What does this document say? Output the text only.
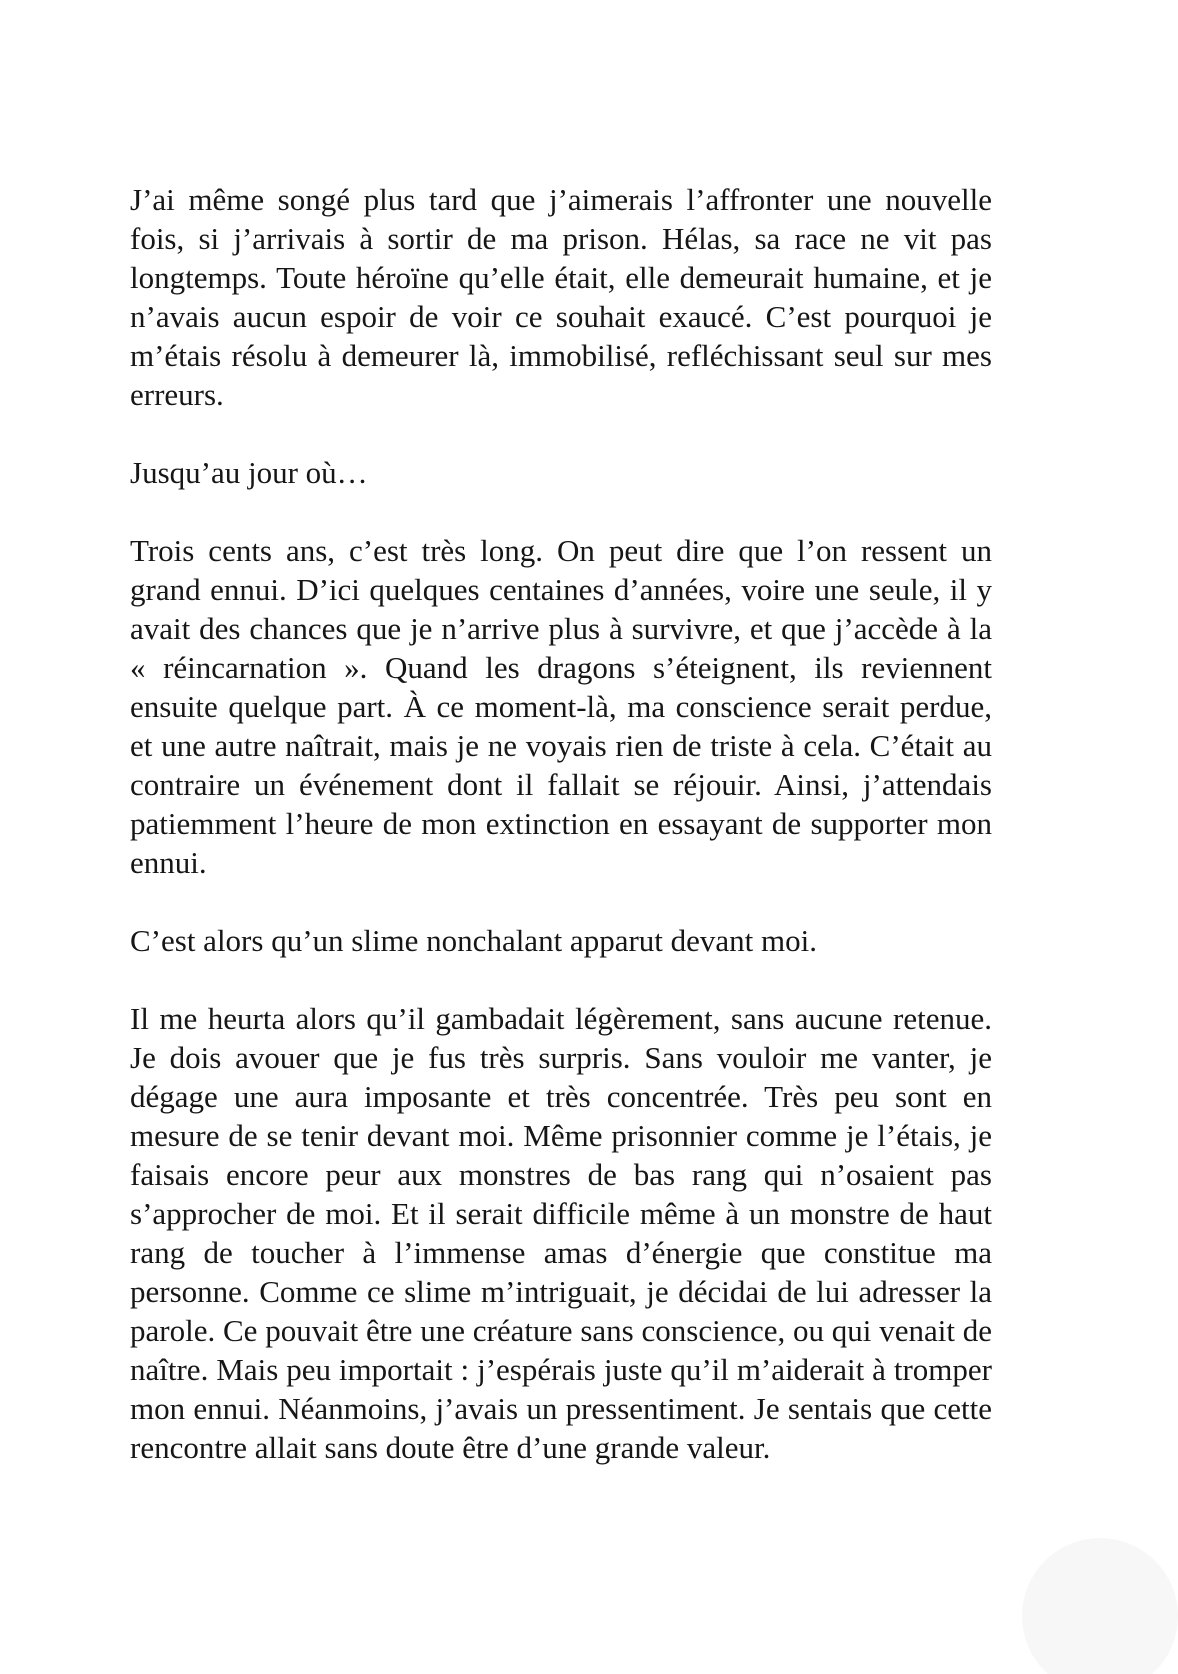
J’ai même songé plus tard que j’aimerais l’affronter une nouvelle fois, si j’arrivais à sortir de ma prison. Hélas, sa race ne vit pas longtemps. Toute héroïne qu’elle était, elle demeurait humaine, et je n’avais aucun espoir de voir ce souhait exaucé. C’est pourquoi je m’étais résolu à demeurer là, immobilisé, refléchissant seul sur mes erreurs.

Jusqu’au jour où…

Trois cents ans, c’est très long. On peut dire que l’on ressent un grand ennui. D’ici quelques centaines d’années, voire une seule, il y avait des chances que je n’arrive plus à survivre, et que j’accède à la « réincarnation ». Quand les dragons s’éteignent, ils reviennent ensuite quelque part. À ce moment-là, ma conscience serait perdue, et une autre naîtrait, mais je ne voyais rien de triste à cela. C’était au contraire un événement dont il fallait se réjouir. Ainsi, j’attendais patiemment l’heure de mon extinction en essayant de supporter mon ennui.

C’est alors qu’un slime nonchalant apparut devant moi.

Il me heurta alors qu’il gambadait légèrement, sans aucune retenue. Je dois avouer que je fus très surpris. Sans vouloir me vanter, je dégage une aura imposante et très concentrée. Très peu sont en mesure de se tenir devant moi. Même prisonnier comme je l’étais, je faisais encore peur aux monstres de bas rang qui n’osaient pas s’approcher de moi. Et il serait difficile même à un monstre de haut rang de toucher à l’immense amas d’énergie que constitue ma personne. Comme ce slime m’intriguait, je décidai de lui adresser la parole. Ce pouvait être une créature sans conscience, ou qui venait de naître. Mais peu importait : j’espérais juste qu’il m’aiderait à tromper mon ennui. Néanmoins, j’avais un pressentiment. Je sentais que cette rencontre allait sans doute être d’une grande valeur.
